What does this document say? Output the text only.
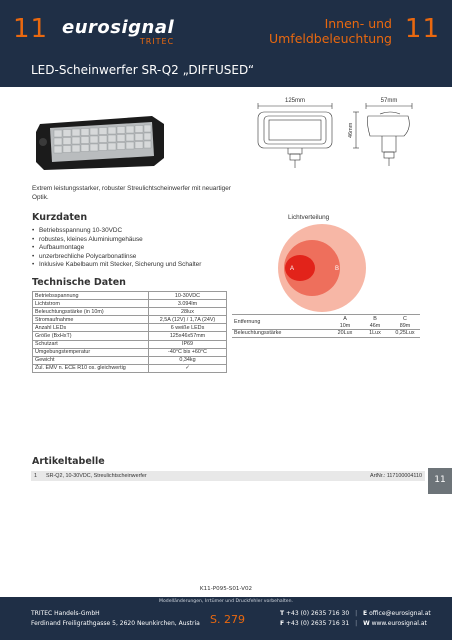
11 eurosignal
TRITEC
Innen- und
Umfeldbeleuchtung 11
LED-Scheinwerfer SR-Q2 „DIFFUSED“
125mm	57mm
46mm
Extrem leistungsstarker, robuster Streulichtscheinwerfer mit neuartiger Optik.
Kurzdaten
• Betriebsspannung 10-30VDC
• robustes, kleines Aluminiumgehäuse
• Aufbaumontage
• unzerbrechliche Polycarbonatlinse
• Inklusive Kabelbaum mit Stecker, Sicherung und Schalter
Technische Daten
Betriebsspannung	10-30VDC
Lichtstrom	3.094lm
Beleuchtungsstärke (in 10m)	28lux
Stromaufnahme	2,5A (12V) / 1,7A (24V)
Anzahl LEDs	6 weiße LEDs
Größe (BxHxT)	125x46x57mm
Schutzart	IP69
Umgebungstemperatur	-40°C bis +60°C
Gewicht	0,34kg
Zul. EMV n. ECE R10 os. gleichwertig	✓
Lichtverteilung
A	B	C
Entfernung	A	B	C
	10m	46m	89m
Beleuchtungsstärke	20Lux	1Lux	0,25Lux
Artikeltabelle
1 SR-Q2, 10-30VDC, Streulichtscheinwerfer	ArtNr.: 117100004110	11
K11-P095-S01-V02
Modelländerungen, Irrtümer und Druckfehler vorbehalten.
TRITEC Handels-GmbH
Ferdinand Freiligrathgasse 5, 2620 Neunkirchen, Austria S. 279	T +43 (0) 2635 716 30 | E office@eurosignal.at
F +43 (0) 2635 716 31 | W www.eurosignal.at
